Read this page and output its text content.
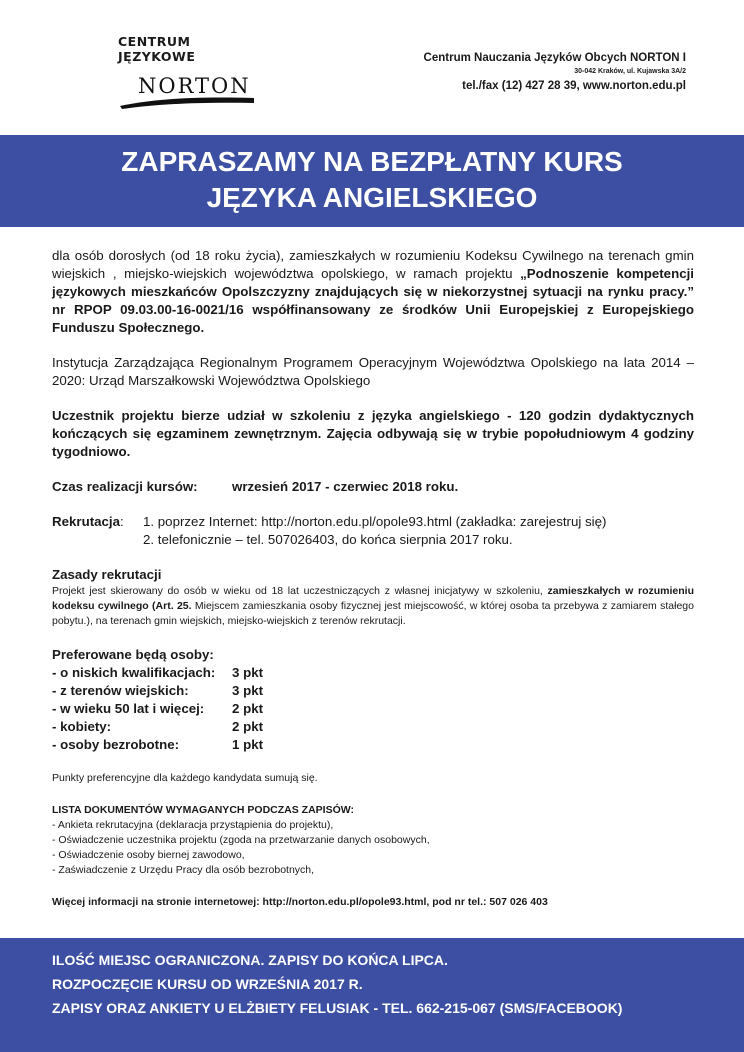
CENTRUM JĘZYKOWE
NORTON
Centrum Nauczania Języków Obcych NORTON I
30-042 Kraków, ul. Kujawska 3A/2
tel./fax (12) 427 28 39, www.norton.edu.pl
ZAPRASZAMY NA BEZPŁATNY KURS
JĘZYKA ANGIELSKIEGO

dla osób dorosłych (od 18 roku życia), zamieszkałych w rozumieniu Kodeksu Cywilnego na terenach gmin wiejskich , miejsko-wiejskich województwa opolskiego, w ramach projektu „Podnoszenie kompetencji językowych mieszkańców Opolszczyzny znajdujących się w niekorzystnej sytuacji na rynku pracy.” nr RPOP 09.03.00-16-0021/16 współfinansowany ze środków Unii Europejskiej z Europejskiego Funduszu Społecznego.

Instytucja Zarządzająca Regionalnym Programem Operacyjnym Województwa Opolskiego na lata 2014 – 2020: Urząd Marszałkowski Województwa Opolskiego

Uczestnik projektu bierze udział w szkoleniu z języka angielskiego - 120 godzin dydaktycznych kończących się egzaminem zewnętrznym. Zajęcia odbywają się w trybie popołudniowym 4 godziny tygodniowo.

Czas realizacji kursów:	wrzesień 2017 - czerwiec 2018 roku.

Rekrutacja:	1. poprzez Internet: http://norton.edu.pl/opole93.html (zakładka: zarejestruj się)
2. telefonicznie – tel. 507026403, do końca sierpnia 2017 roku.

Zasady rekrutacji

Projekt jest skierowany do osób w wieku od 18 lat uczestniczących z własnej inicjatywy w szkoleniu, zamieszkałych w rozumieniu kodeksu cywilnego (Art. 25. Miejscem zamieszkania osoby fizycznej jest miejscowość, w której osoba ta przebywa z zamiarem stałego pobytu.), na terenach gmin wiejskich, miejsko-wiejskich z terenów rekrutacji.

Preferowane będą osoby:

- o niskich kwalifikacjach:	3 pkt
- z terenów wiejskich:	3 pkt
- w wieku 50 lat i więcej:	2 pkt
- kobiety:	2 pkt
- osoby bezrobotne:	1 pkt

Punkty preferencyjne dla każdego kandydata sumują się.

LISTA DOKUMENTÓW WYMAGANYCH PODCZAS ZAPISÓW:

- Ankieta rekrutacyjna (deklaracja przystąpienia do projektu),

- Oświadczenie uczestnika projektu (zgoda na przetwarzanie danych osobowych,

- Oświadczenie osoby biernej zawodowo,

- Zaświadczenie z Urzędu Pracy dla osób bezrobotnych,

Więcej informacji na stronie internetowej: http://norton.edu.pl/opole93.html, pod nr tel.: 507 026 403

ILOŚĆ MIEJSC OGRANICZONA. ZAPISY DO KOŃCA LIPCA.
ROZPOCZĘCIE KURSU OD WRZEŚNIA 2017 R.
ZAPISY ORAZ ANKIETY U ELŻBIETY FELUSIAK - TEL. 662-215-067 (SMS/FACEBOOK)
